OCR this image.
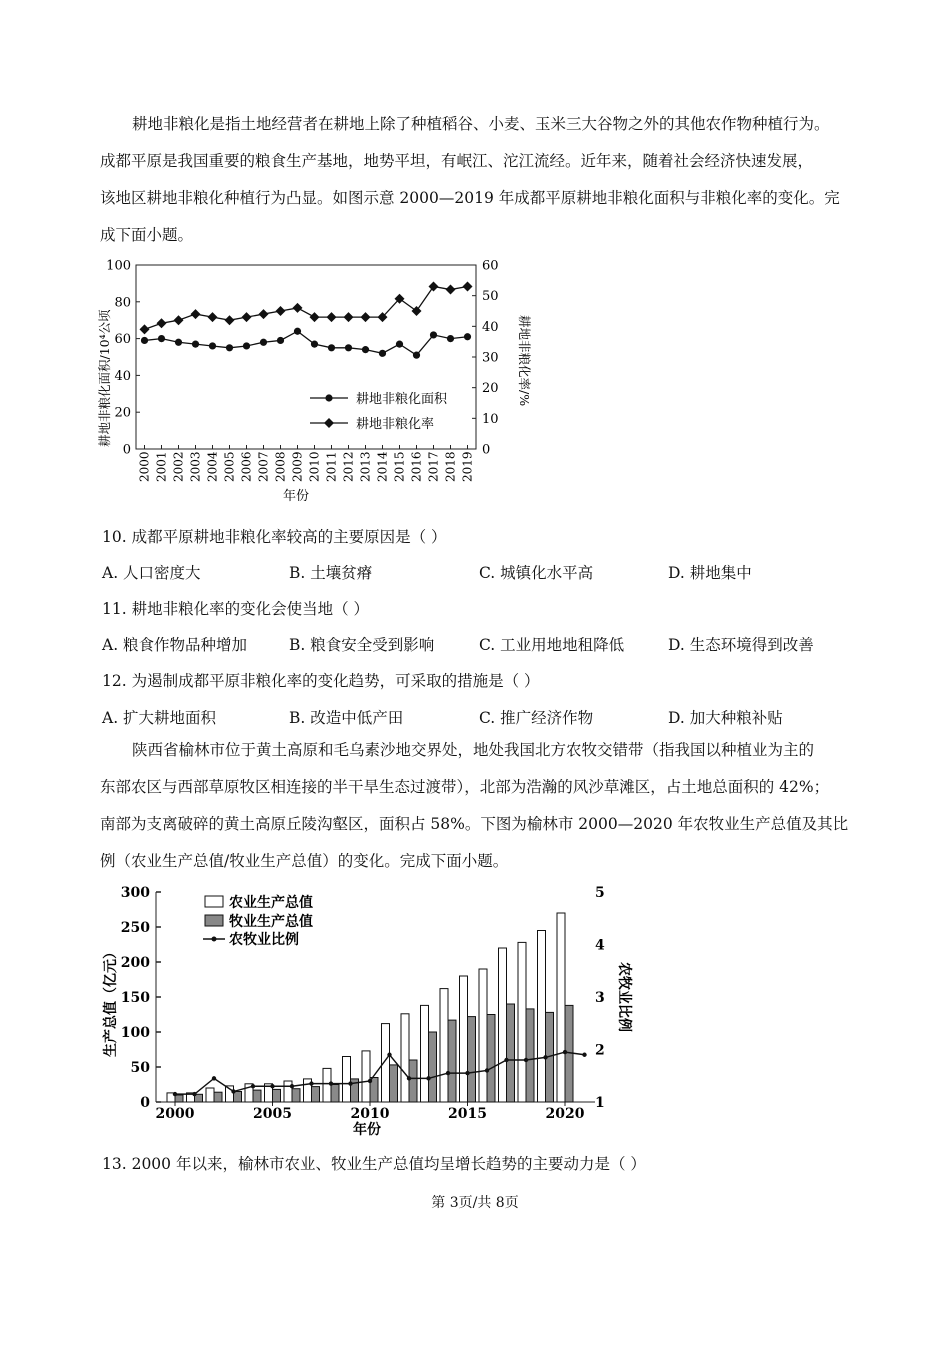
耕地非粮化是指土地经营者在耕地上除了种植稻谷、小麦、玉米三大谷物之外的其他农作物种植行为。

成都平原是我国重要的粮食生产基地，地势平坦，有岷江、沱江流经。近年来，随着社会经济快速发展，

该地区耕地非粮化种植行为凸显。如图示意 2000—2019 年成都平原耕地非粮化面积与非粮化率的变化。完

成下面小题。

0
20
40
60
80
100
0
10
20
30
40
50
60
2000 2001 2002 2003 2004 2005 2006 2007 2008 2009 2010 2011 2012 2013 2014 2015 2016 2017 2018 2019
耕地非粮化面积
耕地非粮化率
耕地非粮化面积/10⁴公顷	耕地非粮化率/%
年份

10. 成都平原耕地非粮化率较高的主要原因是（ ）

A. 人口密度大	B. 土壤贫瘠	C. 城镇化水平高	D. 耕地集中

11. 耕地非粮化率的变化会使当地（ ）

A. 粮食作物品种增加	B. 粮食安全受到影响	C. 工业用地地租降低	D. 生态环境得到改善

12. 为遏制成都平原非粮化率的变化趋势，可采取的措施是（ ）

A. 扩大耕地面积	B. 改造中低产田	C. 推广经济作物	D. 加大种粮补贴

陕西省榆林市位于黄土高原和毛乌素沙地交界处，地处我国北方农牧交错带（指我国以种植业为主的

东部农区与西部草原牧区相连接的半干旱生态过渡带），北部为浩瀚的风沙草滩区，占土地总面积的 42%；

南部为支离破碎的黄土高原丘陵沟壑区，面积占 58%。下图为榆林市 2000—2020 年农牧业生产总值及其比

例（农业生产总值/牧业生产总值）的变化。完成下面小题。

0
50
100
150
200
250
300
1
2
3
4
5
2000	2005	2010	2015	2020
农业生产总值
牧业生产总值
农牧业比例
生产总值（亿元）	农牧业比例
年份

13. 2000 年以来，榆林市农业、牧业生产总值均呈增长趋势的主要动力是（ ）

第 3页/共 8页
